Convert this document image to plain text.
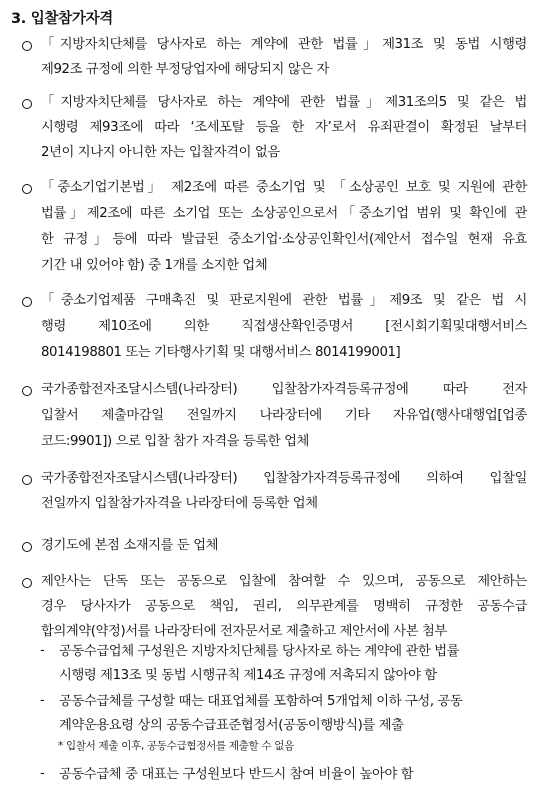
3. 입찰참가자격
「지방자치단체를 당사자로 하는 계약에 관한 법률」제31조 및 동법 시행령
제92조 규정에 의한 부정당업자에 해당되지 않은 자
「지방자치단체를 당사자로 하는 계약에 관한 법률」제31조의5 및 같은 법
시행령 제93조에 따라 ‘조세포탈 등을 한 자’로서 유죄판결이 확정된 날부터
2년이 지나지 아니한 자는 입찰자격이 없음
「중소기업기본법」 제2조에 따른 중소기업 및 「소상공인 보호 및 지원에 관한
법률」제2조에 따른 소기업 또는 소상공인으로서「중소기업 범위 및 확인에 관
한 규정」등에 따라 발급된 중소기업·소상공인확인서(제안서 접수일 현재 유효
기간 내 있어야 함) 중 1개를 소지한 업체
「중소기업제품 구매촉진 및 판로지원에 관한 법률」제9조 및 같은 법 시
행령 제10조에 의한 직접생산확인증명서 [전시회기획및대행서비스
8014198801 또는 기타행사기획 및 대행서비스 8014199001]
국가종합전자조달시스템(나라장터) 입찰참가자격등록규정에 따라 전자
입찰서 제출마감일 전일까지 나라장터에 기타 자유업(행사대행업[업종
코드:9901]) 으로 입찰 참가 자격을 등록한 업체
국가종합전자조달시스템(나라장터) 입찰참가자격등록규정에 의하여 입찰일
전일까지 입찰참가자격을 나라장터에 등록한 업체
경기도에 본점 소재지를 둔 업체
제안사는 단독 또는 공동으로 입찰에 참여할 수 있으며, 공동으로 제안하는
경우 당사자가 공동으로 책임, 권리, 의무관계를 명백히 규정한 공동수급
합의계약(약정)서를 나라장터에 전자문서로 제출하고 제안서에 사본 첨부
- 공동수급업체 구성원은 지방자치단체를 당사자로 하는 계약에 관한 법률
시행령 제13조 및 동법 시행규칙 제14조 규정에 저촉되지 않아야 함
- 공동수급체를 구성할 때는 대표업체를 포함하여 5개업체 이하 구성, 공동
계약운용요령 상의 공동수급표준협정서(공동이행방식)를 제출
* 입찰서 제출 이후, 공동수급협정서를 제출할 수 없음
- 공동수급체 중 대표는 구성원보다 반드시 참여 비율이 높아야 함
